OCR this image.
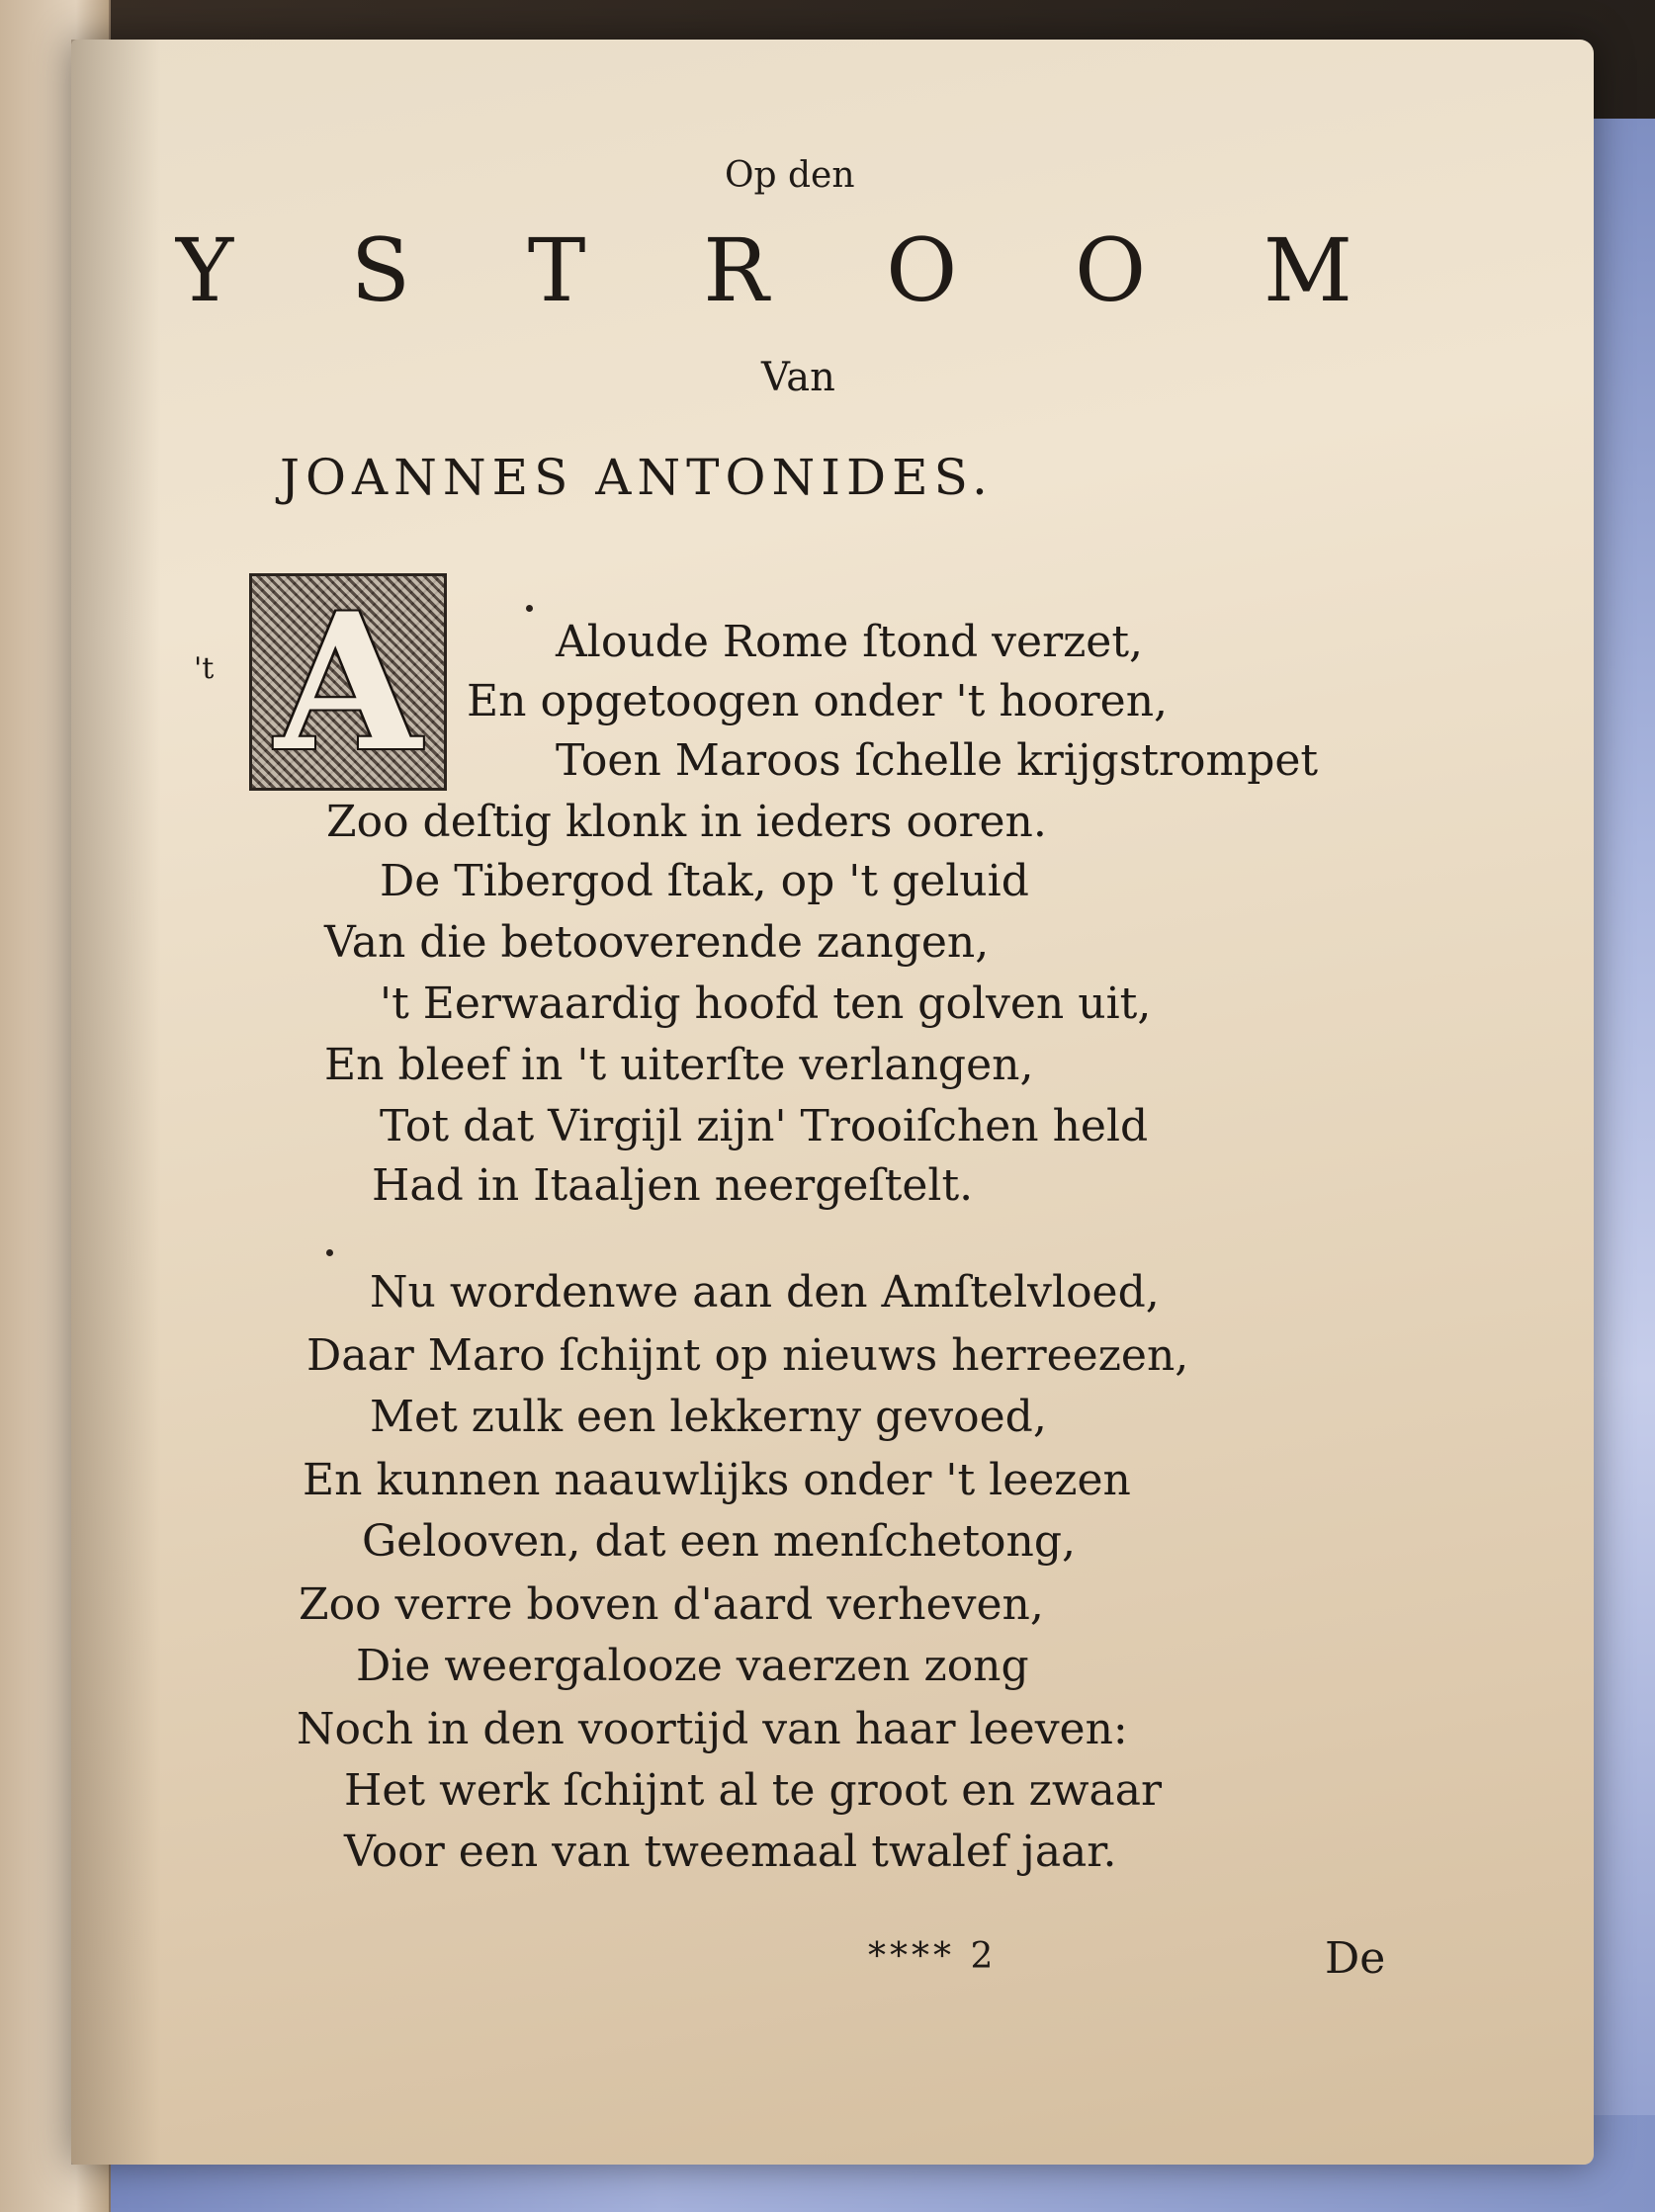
Op den
Y S T R O O M
Van
JOANNES ANTONIDES.
't A	Aloude Rome ſtond verzet,
En opgetoogen onder 't hooren,
Toen Maroos ſchelle krijgstrompet
Zoo deſtig klonk in ieders ooren.
De Tibergod ſtak, op 't geluid
Van die betooverende zangen,
't Eerwaardig hoofd ten golven uit,
En bleef in 't uiterſte verlangen,
Tot dat Virgijl zijn' Trooiſchen held
Had in Itaaljen neergeſtelt.
Nu wordenwe aan den Amſtelvloed,
Daar Maro ſchijnt op nieuws herreezen,
Met zulk een lekkerny gevoed,
En kunnen naauwlijks onder 't leezen
Gelooven, dat een menſchetong,
Zoo verre boven d'aard verheven,
Die weergalooze vaerzen zong
Noch in den voortijd van haar leeven:
Het werk ſchijnt al te groot en zwaar
Voor een van tweemaal twalef jaar.
**** 2	De
